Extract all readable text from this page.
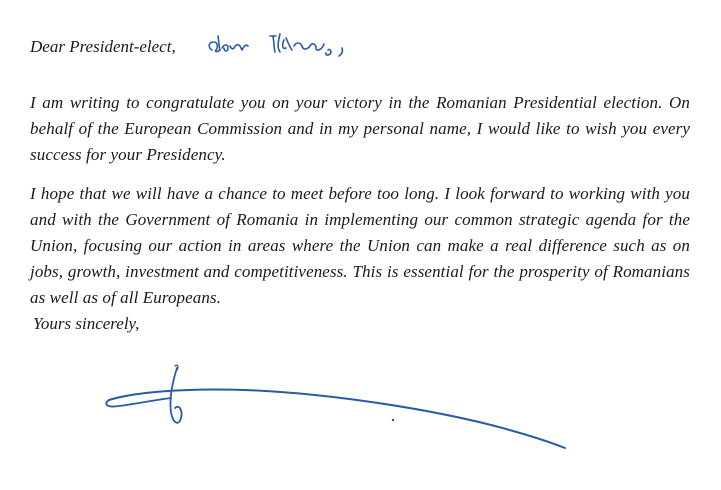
Dear President-elect,

I am writing to congratulate you on your victory in the Romanian Presidential election. On behalf of the European Commission and in my personal name, I would like to wish you every success for your Presidency.

I hope that we will have a chance to meet before too long. I look forward to working with you and with the Government of Romania in implementing our common strategic agenda for the Union, focusing our action in areas where the Union can make a real difference such as on jobs, growth, investment and competitiveness. This is essential for the prosperity of Romanians as well as of all Europeans.

Yours sincerely,
